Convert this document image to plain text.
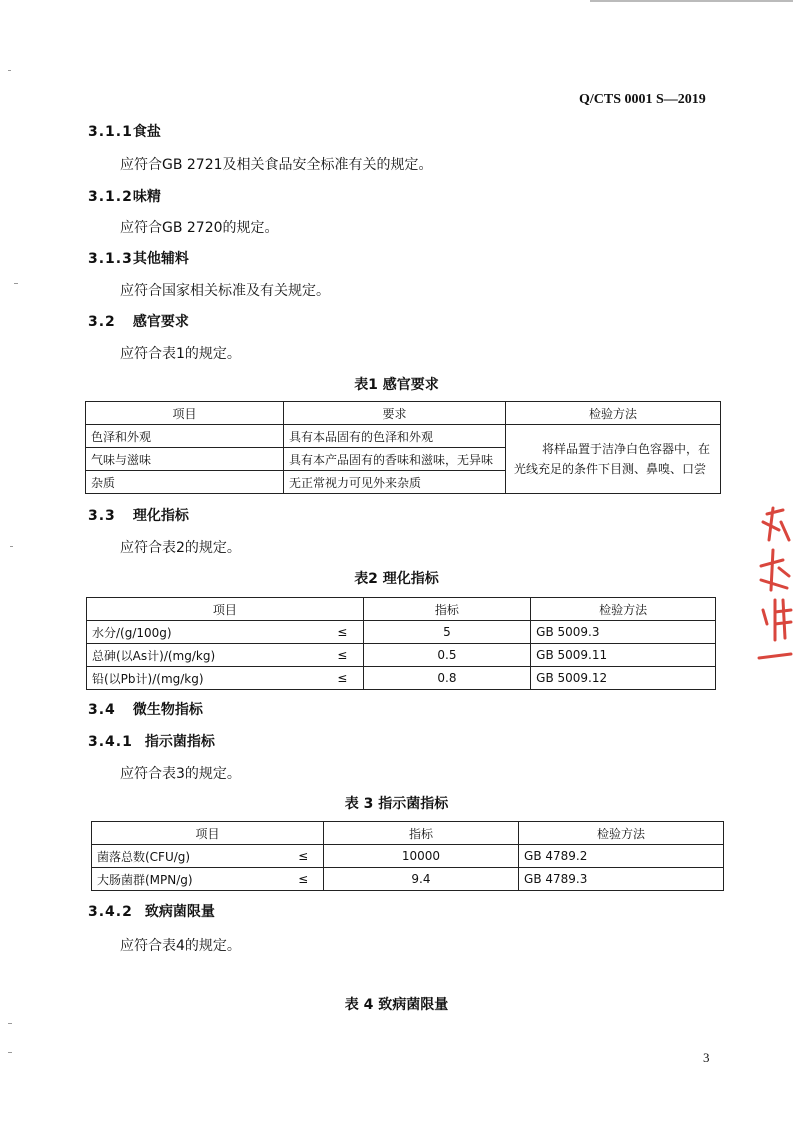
Q/CTS 0001 S—2019
3.1.1 食盐
应符合GB 2721及相关食品安全标准有关的规定。
3.1.2 味精
应符合GB 2720的规定。
3.1.3 其他辅料
应符合国家相关标准及有关规定。
3.2 感官要求
应符合表1的规定。
表1 感官要求
项目	要求	检验方法
色泽和外观	具有本品固有的色泽和外观	将样品置于洁净白色容器中，在光线充足的条件下目测、鼻嗅、口尝
气味与滋味	具有本产品固有的香味和滋味，无异味	
杂质	无正常视力可见外来杂质	
3.3 理化指标
应符合表2的规定。
表2 理化指标
项目		指标	检验方法
水分/(g/100g)	≤	5	GB 5009.3
总砷(以As计)/(mg/kg)	≤	0.5	GB 5009.11
铅(以Pb计)/(mg/kg)	≤	0.8	GB 5009.12
3.4 微生物指标
3.4.1 指示菌指标
应符合表3的规定。
表 3 指示菌指标
项目		指标	检验方法
菌落总数(CFU/g)	≤	10000	GB 4789.2
大肠菌群(MPN/g)	≤	9.4	GB 4789.3
3.4.2 致病菌限量
应符合表4的规定。
表 4 致病菌限量
3
